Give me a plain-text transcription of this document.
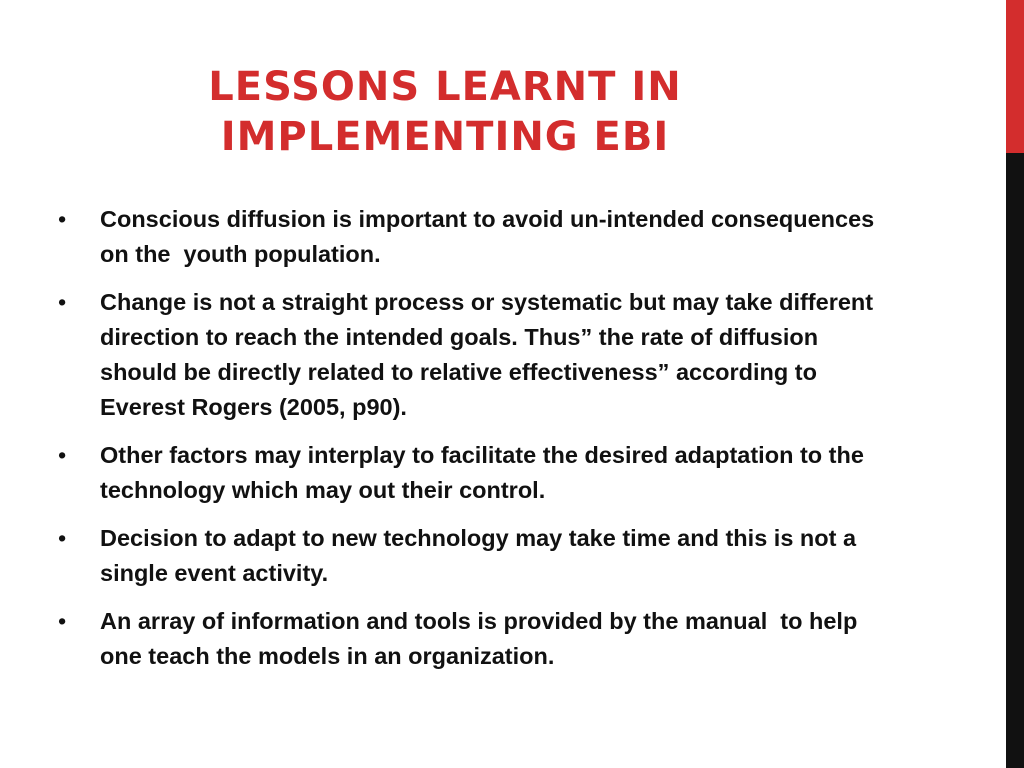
LESSONS LEARNT IN
IMPLEMENTING EBI
•	Conscious diffusion is important to avoid un-intended consequences on the  youth population.
•	Change is not a straight process or systematic but may take different direction to reach the intended goals. Thus” the rate of diffusion should be directly related to relative effectiveness” according to Everest Rogers (2005, p90).
•	Other factors may interplay to facilitate the desired adaptation to the technology which may out their control.
•	Decision to adapt to new technology may take time and this is not a single event activity.
•	An array of information and tools is provided by the manual  to help one teach the models in an organization.
